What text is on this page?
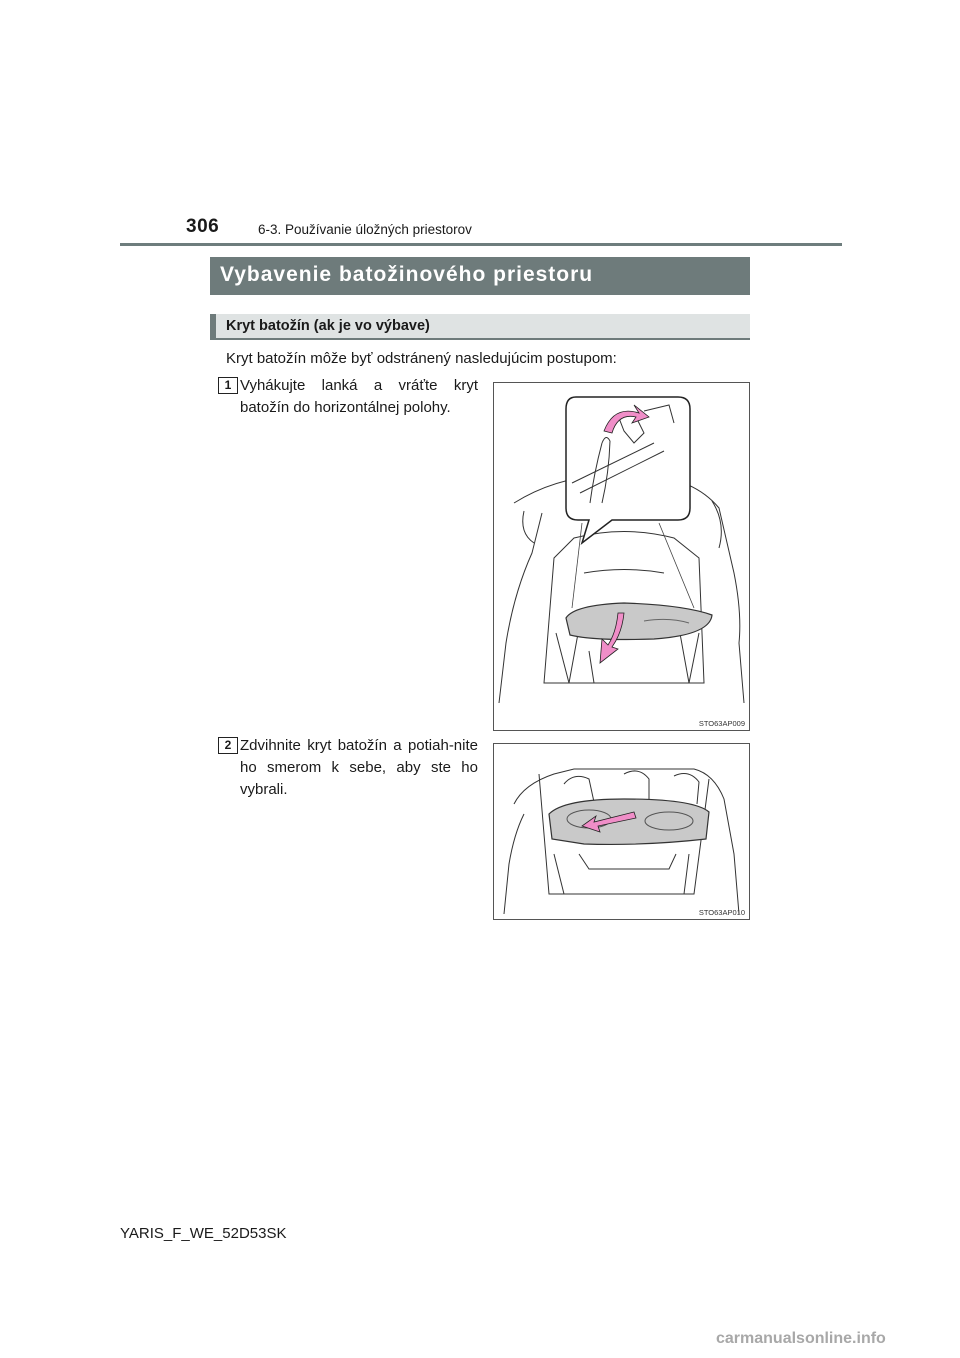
306	6-3. Používanie úložných priestorov
Vybavenie batožinového priestoru
Kryt batožín (ak je vo výbave)
Kryt batožín môže byť odstránený nasledujúcim postupom:
1 Vyhákujte lanká a vráťte kryt batožín do horizontálnej polohy.
STO63AP009
2 Zdvihnite kryt batožín a potiah-nite ho smerom k sebe, aby ste ho vybrali.
STO63AP010
YARIS_F_WE_52D53SK
carmanualsonline.info
